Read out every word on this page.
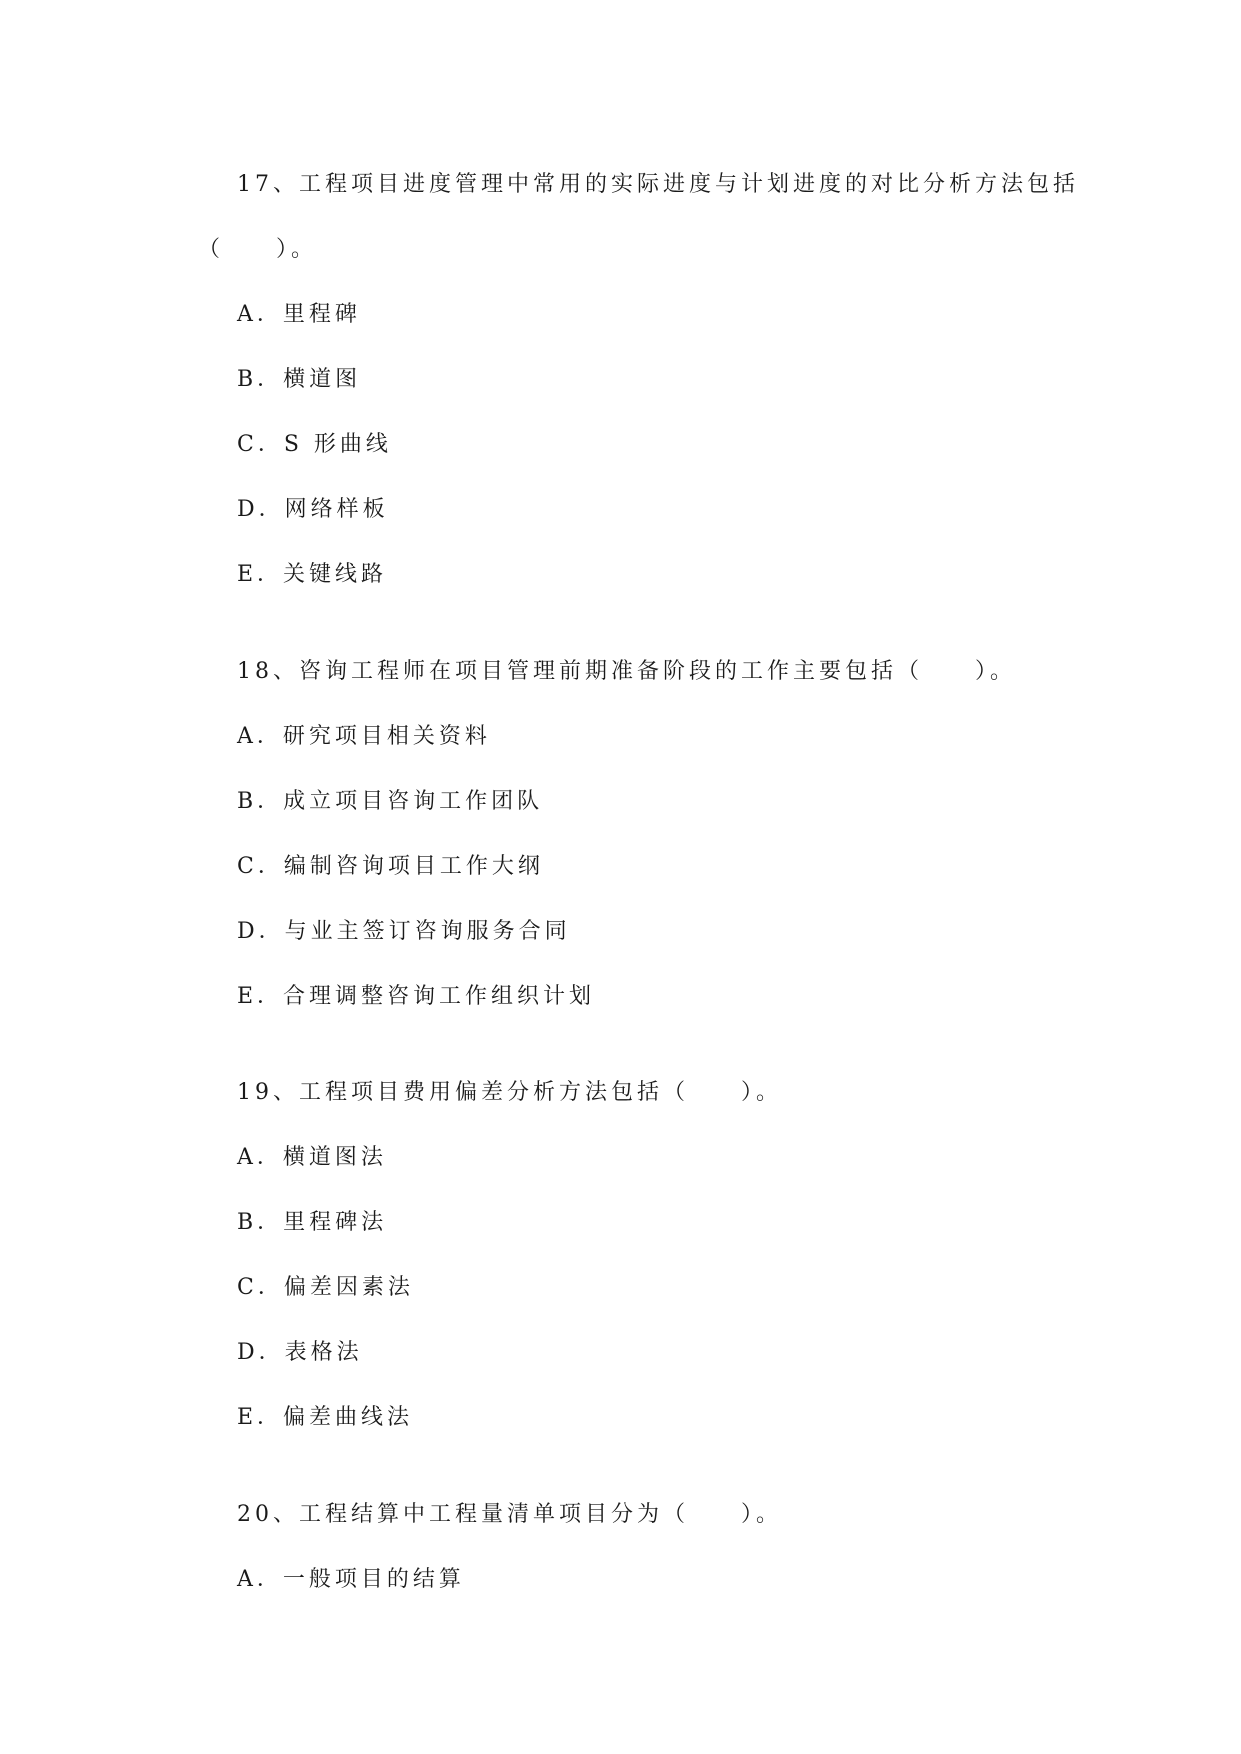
17、工程项目进度管理中常用的实际进度与计划进度的对比分析方法包括
（　　）。
A．里程碑
B．横道图
C．S 形曲线
D．网络样板
E．关键线路
18、咨询工程师在项目管理前期准备阶段的工作主要包括（　　）。
A．研究项目相关资料
B．成立项目咨询工作团队
C．编制咨询项目工作大纲
D．与业主签订咨询服务合同
E．合理调整咨询工作组织计划
19、工程项目费用偏差分析方法包括（　　）。
A．横道图法
B．里程碑法
C．偏差因素法
D．表格法
E．偏差曲线法
20、工程结算中工程量清单项目分为（　　）。
A．一般项目的结算
